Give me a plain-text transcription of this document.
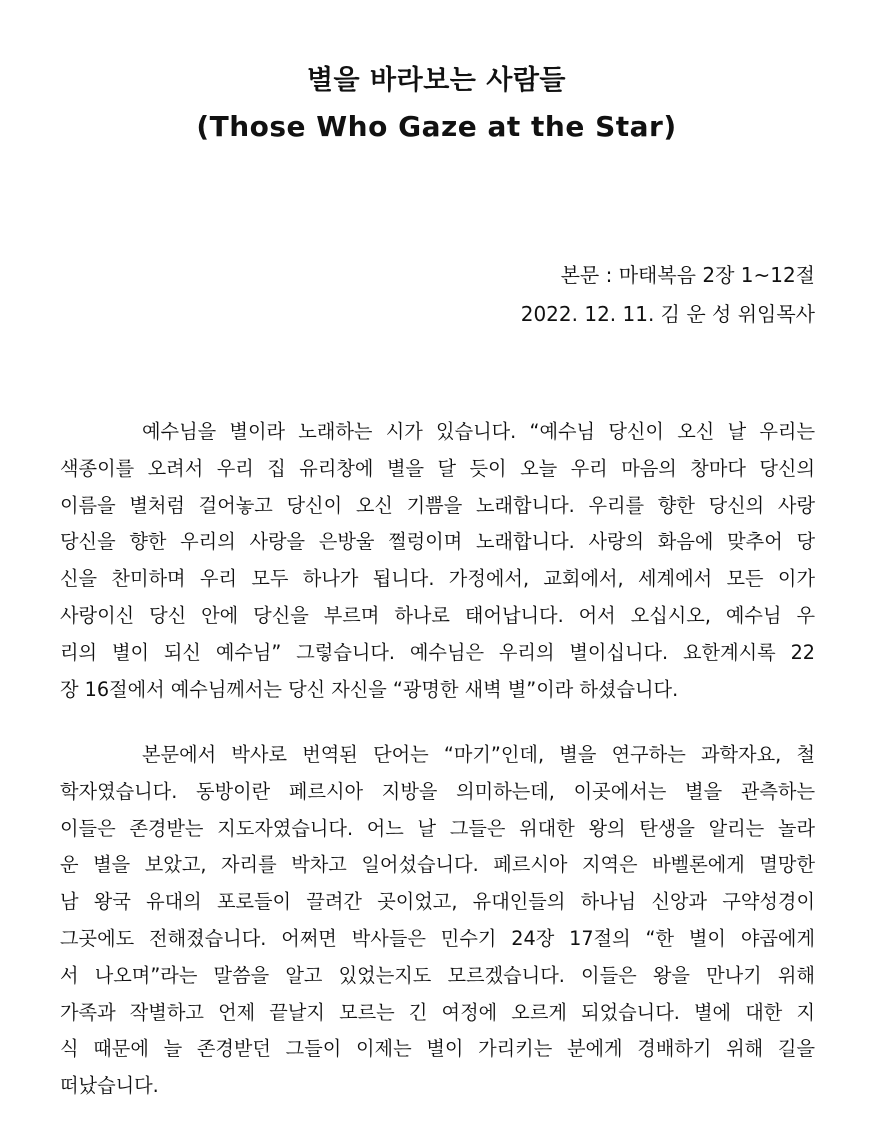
별을 바라보는 사람들
(Those Who Gaze at the Star)
본문 : 마태복음 2장 1~12절
2022. 12. 11. 김 운 성 위임목사
예수님을 별이라 노래하는 시가 있습니다. “예수님 당신이 오신 날 우리는
색종이를 오려서 우리 집 유리창에 별을 달 듯이 오늘 우리 마음의 창마다 당신의
이름을 별처럼 걸어놓고 당신이 오신 기쁨을 노래합니다. 우리를 향한 당신의 사랑
당신을 향한 우리의 사랑을 은방울 쩔렁이며 노래합니다. 사랑의 화음에 맞추어 당
신을 찬미하며 우리 모두 하나가 됩니다. 가정에서, 교회에서, 세계에서 모든 이가
사랑이신 당신 안에 당신을 부르며 하나로 태어납니다. 어서 오십시오, 예수님 우
리의 별이 되신 예수님” 그렇습니다. 예수님은 우리의 별이십니다. 요한계시록 22
장 16절에서 예수님께서는 당신 자신을 “광명한 새벽 별”이라 하셨습니다.
본문에서 박사로 번역된 단어는 “마기”인데, 별을 연구하는 과학자요, 철
학자였습니다. 동방이란 페르시아 지방을 의미하는데, 이곳에서는 별을 관측하는
이들은 존경받는 지도자였습니다. 어느 날 그들은 위대한 왕의 탄생을 알리는 놀라
운 별을 보았고, 자리를 박차고 일어섰습니다. 페르시아 지역은 바벨론에게 멸망한
남 왕국 유대의 포로들이 끌려간 곳이었고, 유대인들의 하나님 신앙과 구약성경이
그곳에도 전해졌습니다. 어쩌면 박사들은 민수기 24장 17절의 “한 별이 야곱에게
서 나오며”라는 말씀을 알고 있었는지도 모르겠습니다. 이들은 왕을 만나기 위해
가족과 작별하고 언제 끝날지 모르는 긴 여정에 오르게 되었습니다. 별에 대한 지
식 때문에 늘 존경받던 그들이 이제는 별이 가리키는 분에게 경배하기 위해 길을
떠났습니다.
